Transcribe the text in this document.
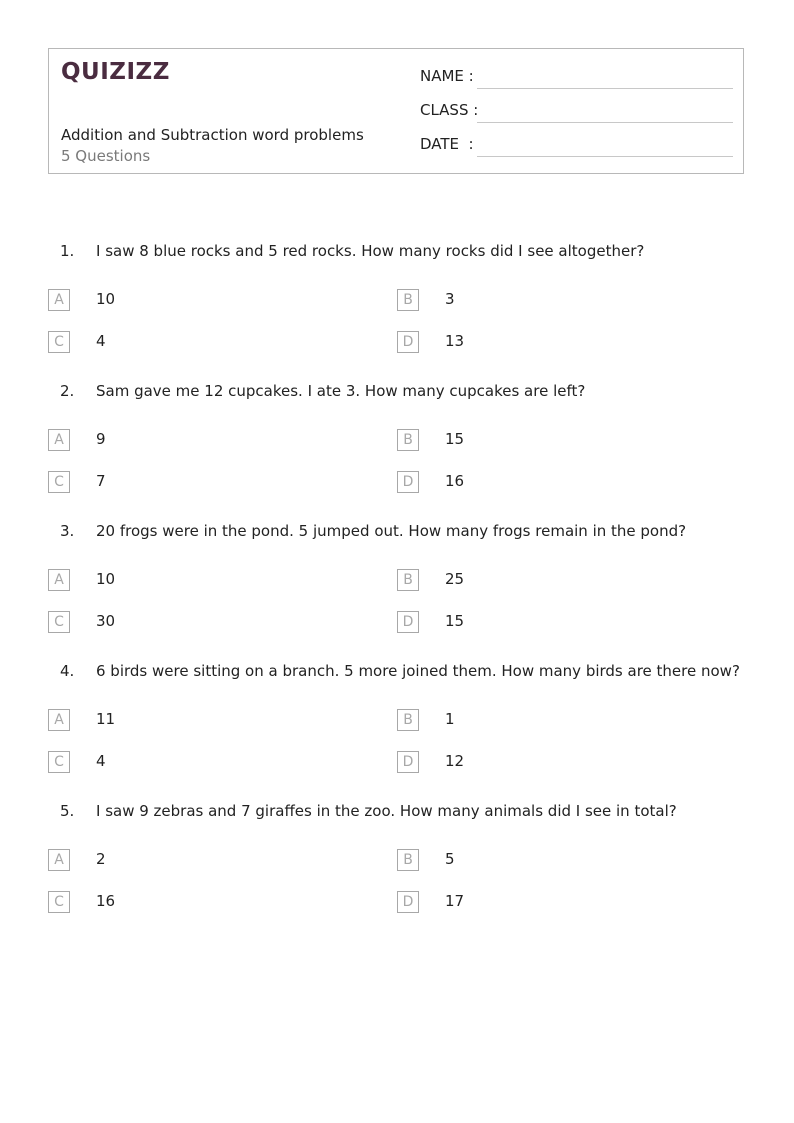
QUIZIZZ
Addition and Subtraction word problems
5 Questions
NAME :
CLASS :
DATE  :
1. I saw 8 blue rocks and 5 red rocks. How many rocks did I see altogether?
A	10	B	3
C	4	D	13
2. Sam gave me 12 cupcakes. I ate 3. How many cupcakes are left?
A	9	B	15
C	7	D	16
3. 20 frogs were in the pond. 5 jumped out. How many frogs remain in the pond?
A	10	B	25
C	30	D	15
4. 6 birds were sitting on a branch. 5 more joined them. How many birds are there now?
A	11	B	1
C	4	D	12
5. I saw 9 zebras and 7 giraffes in the zoo. How many animals did I see in total?
A	2	B	5
C	16	D	17
